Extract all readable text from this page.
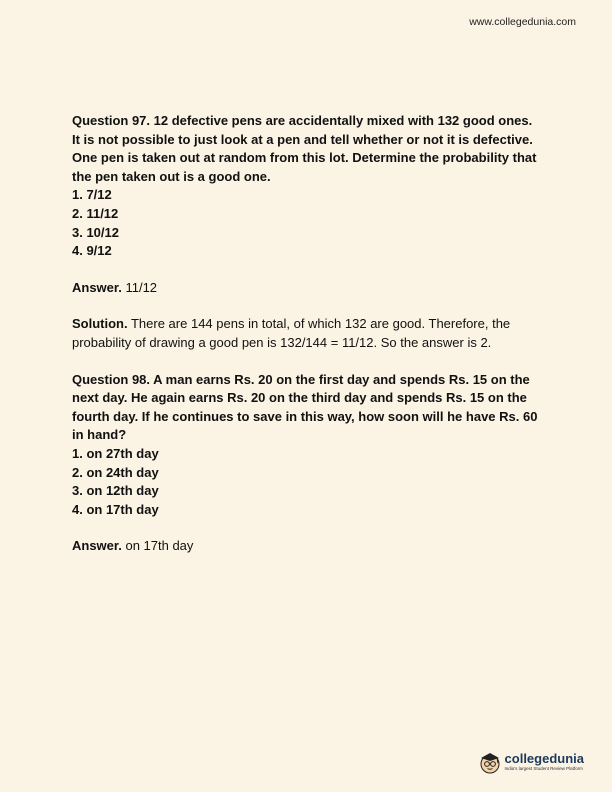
www.collegedunia.com

Question 97. 12 defective pens are accidentally mixed with 132 good ones. It is not possible to just look at a pen and tell whether or not it is defective. One pen is taken out at random from this lot. Determine the probability that the pen taken out is a good one.

1. 7/12
2. 11/12
3. 10/12
4. 9/12

Answer. 11/12

Solution. There are 144 pens in total, of which 132 are good. Therefore, the probability of drawing a good pen is 132/144 = 11/12. So the answer is 2.

Question 98. A man earns Rs. 20 on the first day and spends Rs. 15 on the next day. He again earns Rs. 20 on the third day and spends Rs. 15 on the fourth day. If he continues to save in this way, how soon will he have Rs. 60 in hand?

1. on 27th day
2. on 24th day
3. on 12th day
4. on 17th day

Answer. on 17th day

collegedunia
India's largest Student Review Platform
